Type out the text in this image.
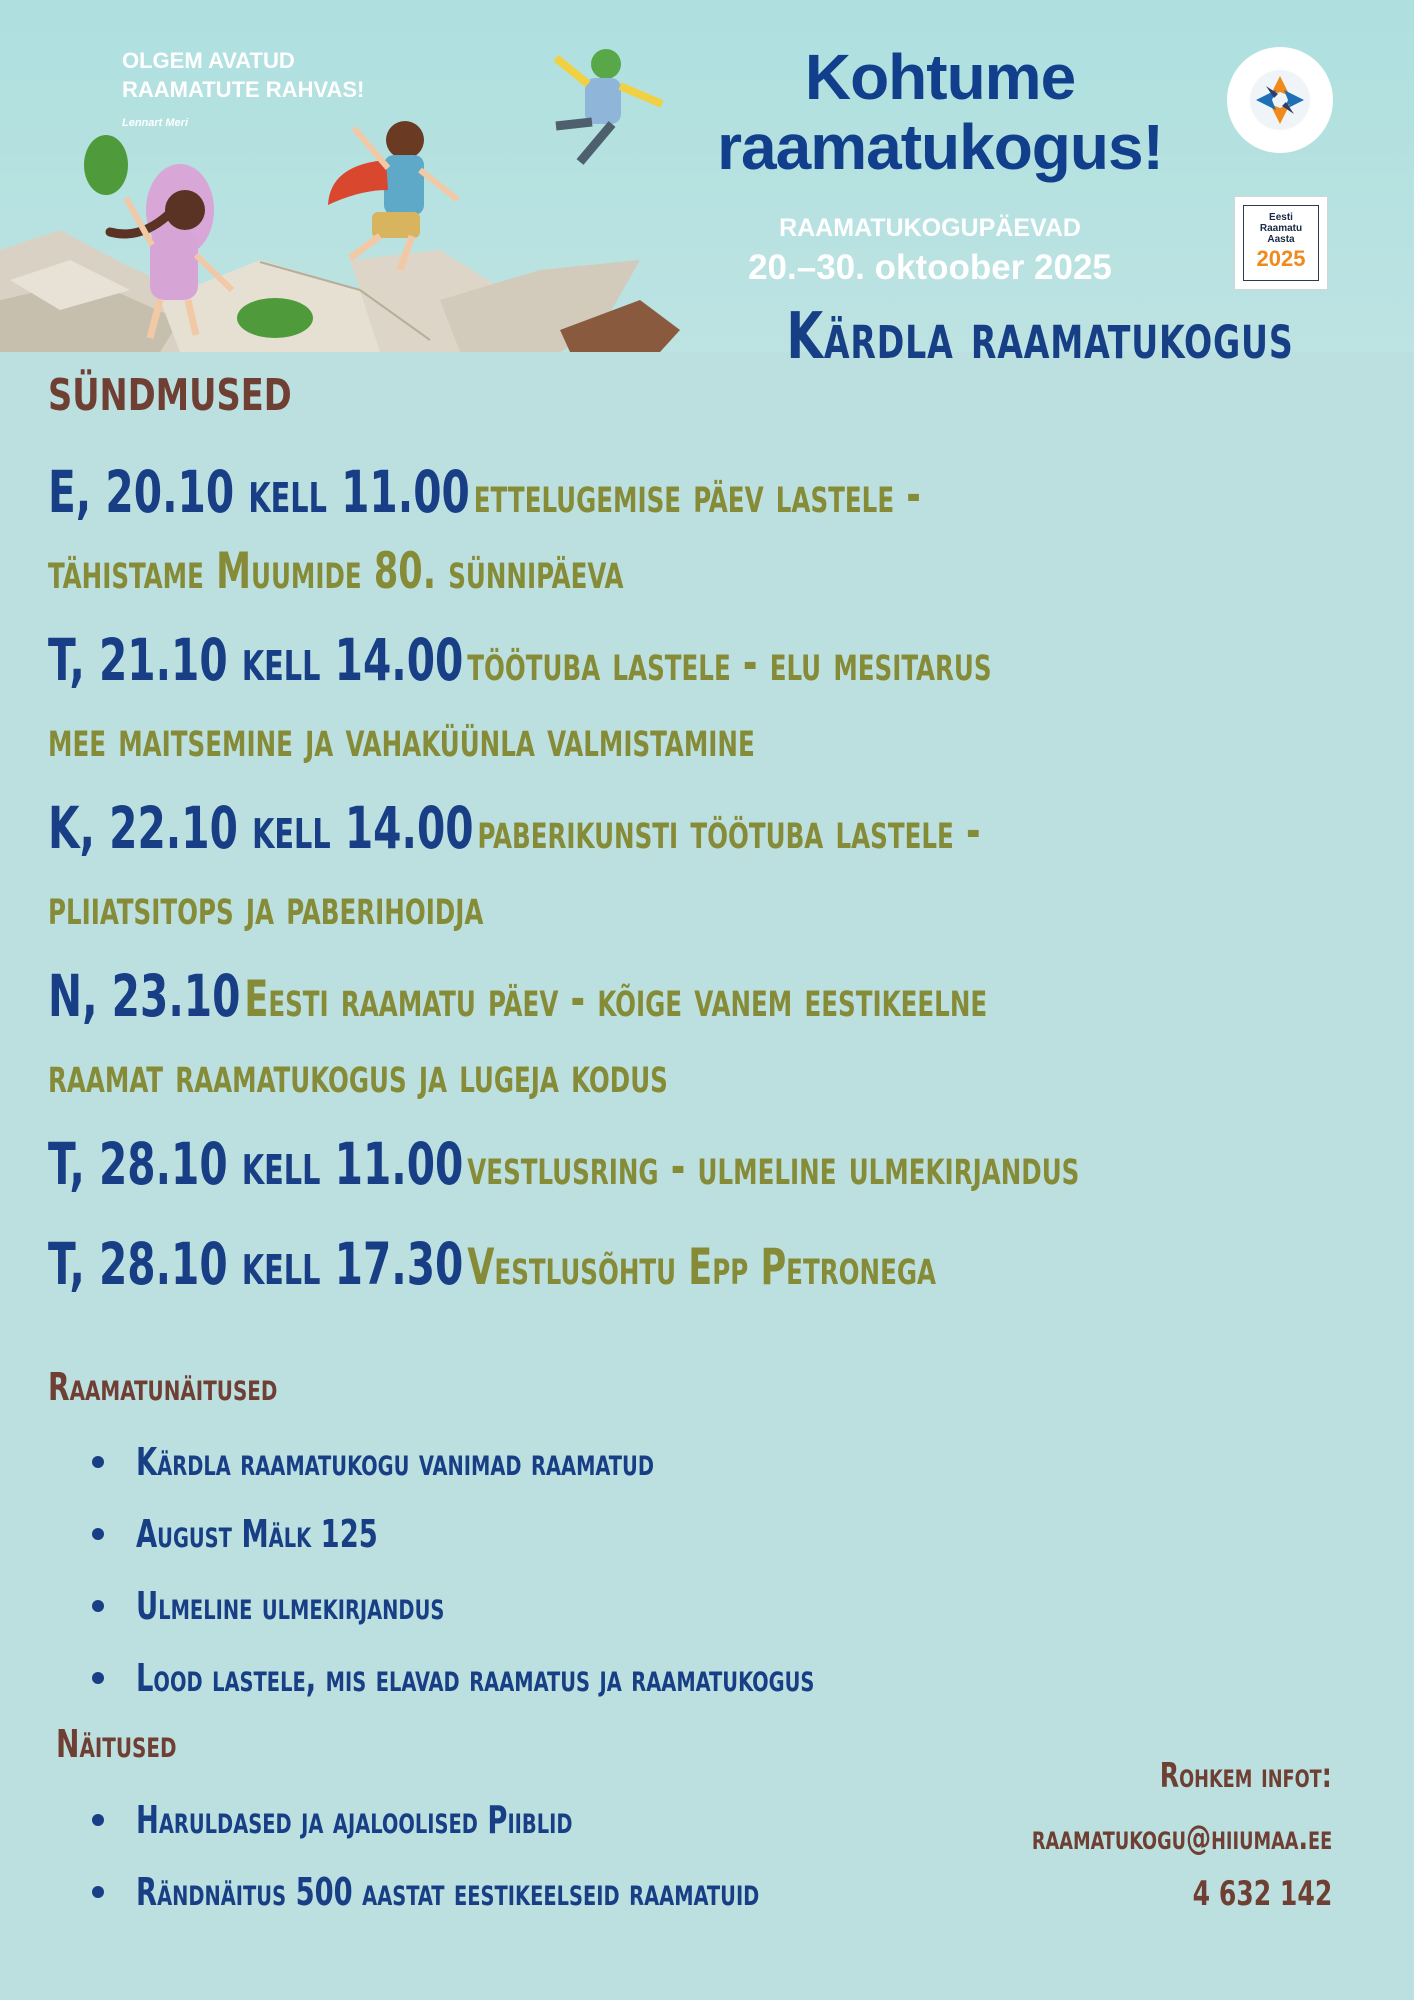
OLGEM AVATUD
RAAMATUTE RAHVAS!
Lennart Meri
Kohtume
raamatukogus!
RAAMATUKOGUPÄEVAD
20.–30. oktoober 2025
Eesti
Raamatu
Aasta
2025
Kärdla raamatukogus
SÜNDMUSED
E, 20.10 kell 11.00 ettelugemise päev lastele -
tähistame Muumide 80. sünnipäeva
T, 21.10 kell 14.00 töötuba lastele - elu mesitarus
mee maitsemine ja vahaküünla valmistamine
K, 22.10 kell 14.00 paberikunsti töötuba lastele -
pliiatsitops ja paberihoidja
N, 23.10 Eesti raamatu päev - kõige vanem eestikeelne
raamat raamatukogus ja lugeja kodus
T, 28.10 kell 11.00 vestlusring - ulmeline ulmekirjandus
T, 28.10 kell 17.30 Vestlusõhtu Epp Petronega
Raamatunäitused
Kärdla raamatukogu vanimad raamatud
August Mälk 125
Ulmeline ulmekirjandus
Lood lastele, mis elavad raamatus ja raamatukogus
Näitused
Haruldased ja ajaloolised Piiblid
Rändnäitus 500 aastat eestikeelseid raamatuid
Rohkem infot:
raamatukogu@hiiumaa.ee
4 632 142
